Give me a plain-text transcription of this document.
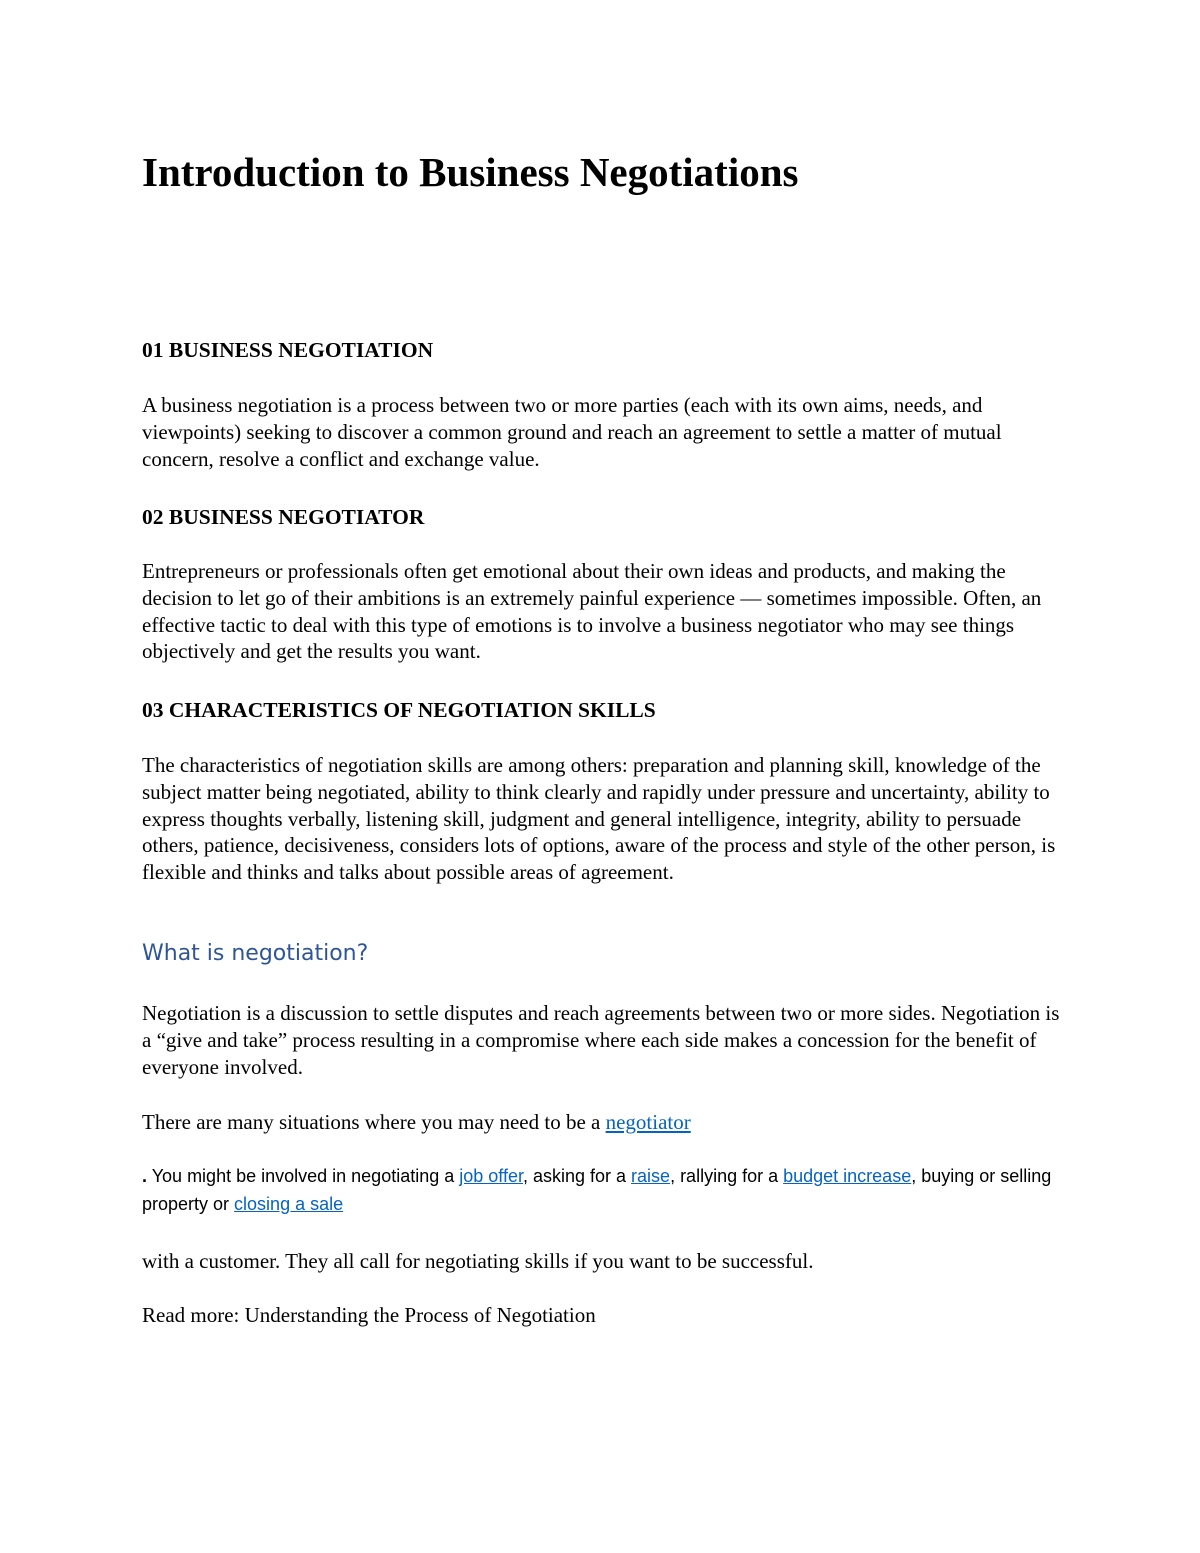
Introduction to Business Negotiations
01 BUSINESS NEGOTIATION

A business negotiation is a process between two or more parties (each with its own aims, needs, and viewpoints) seeking to discover a common ground and reach an agreement to settle a matter of mutual concern, resolve a conflict and exchange value.

02 BUSINESS NEGOTIATOR

Entrepreneurs or professionals often get emotional about their own ideas and products, and making the decision to let go of their ambitions is an extremely painful experience — sometimes impossible. Often, an effective tactic to deal with this type of emotions is to involve a business negotiator who may see things objectively and get the results you want.

03 CHARACTERISTICS OF NEGOTIATION SKILLS

The characteristics of negotiation skills are among others: preparation and planning skill, knowledge of the subject matter being negotiated, ability to think clearly and rapidly under pressure and uncertainty, ability to express thoughts verbally, listening skill, judgment and general intelligence, integrity, ability to persuade others, patience, decisiveness, considers lots of options, aware of the process and style of the other person, is flexible and thinks and talks about possible areas of agreement.

What is negotiation?

Negotiation is a discussion to settle disputes and reach agreements between two or more sides. Negotiation is a “give and take” process resulting in a compromise where each side makes a concession for the benefit of everyone involved.

There are many situations where you may need to be a negotiator

. You might be involved in negotiating a job offer, asking for a raise, rallying for a budget increase, buying or selling property or closing a sale

with a customer. They all call for negotiating skills if you want to be successful.

Read more: Understanding the Process of Negotiation
